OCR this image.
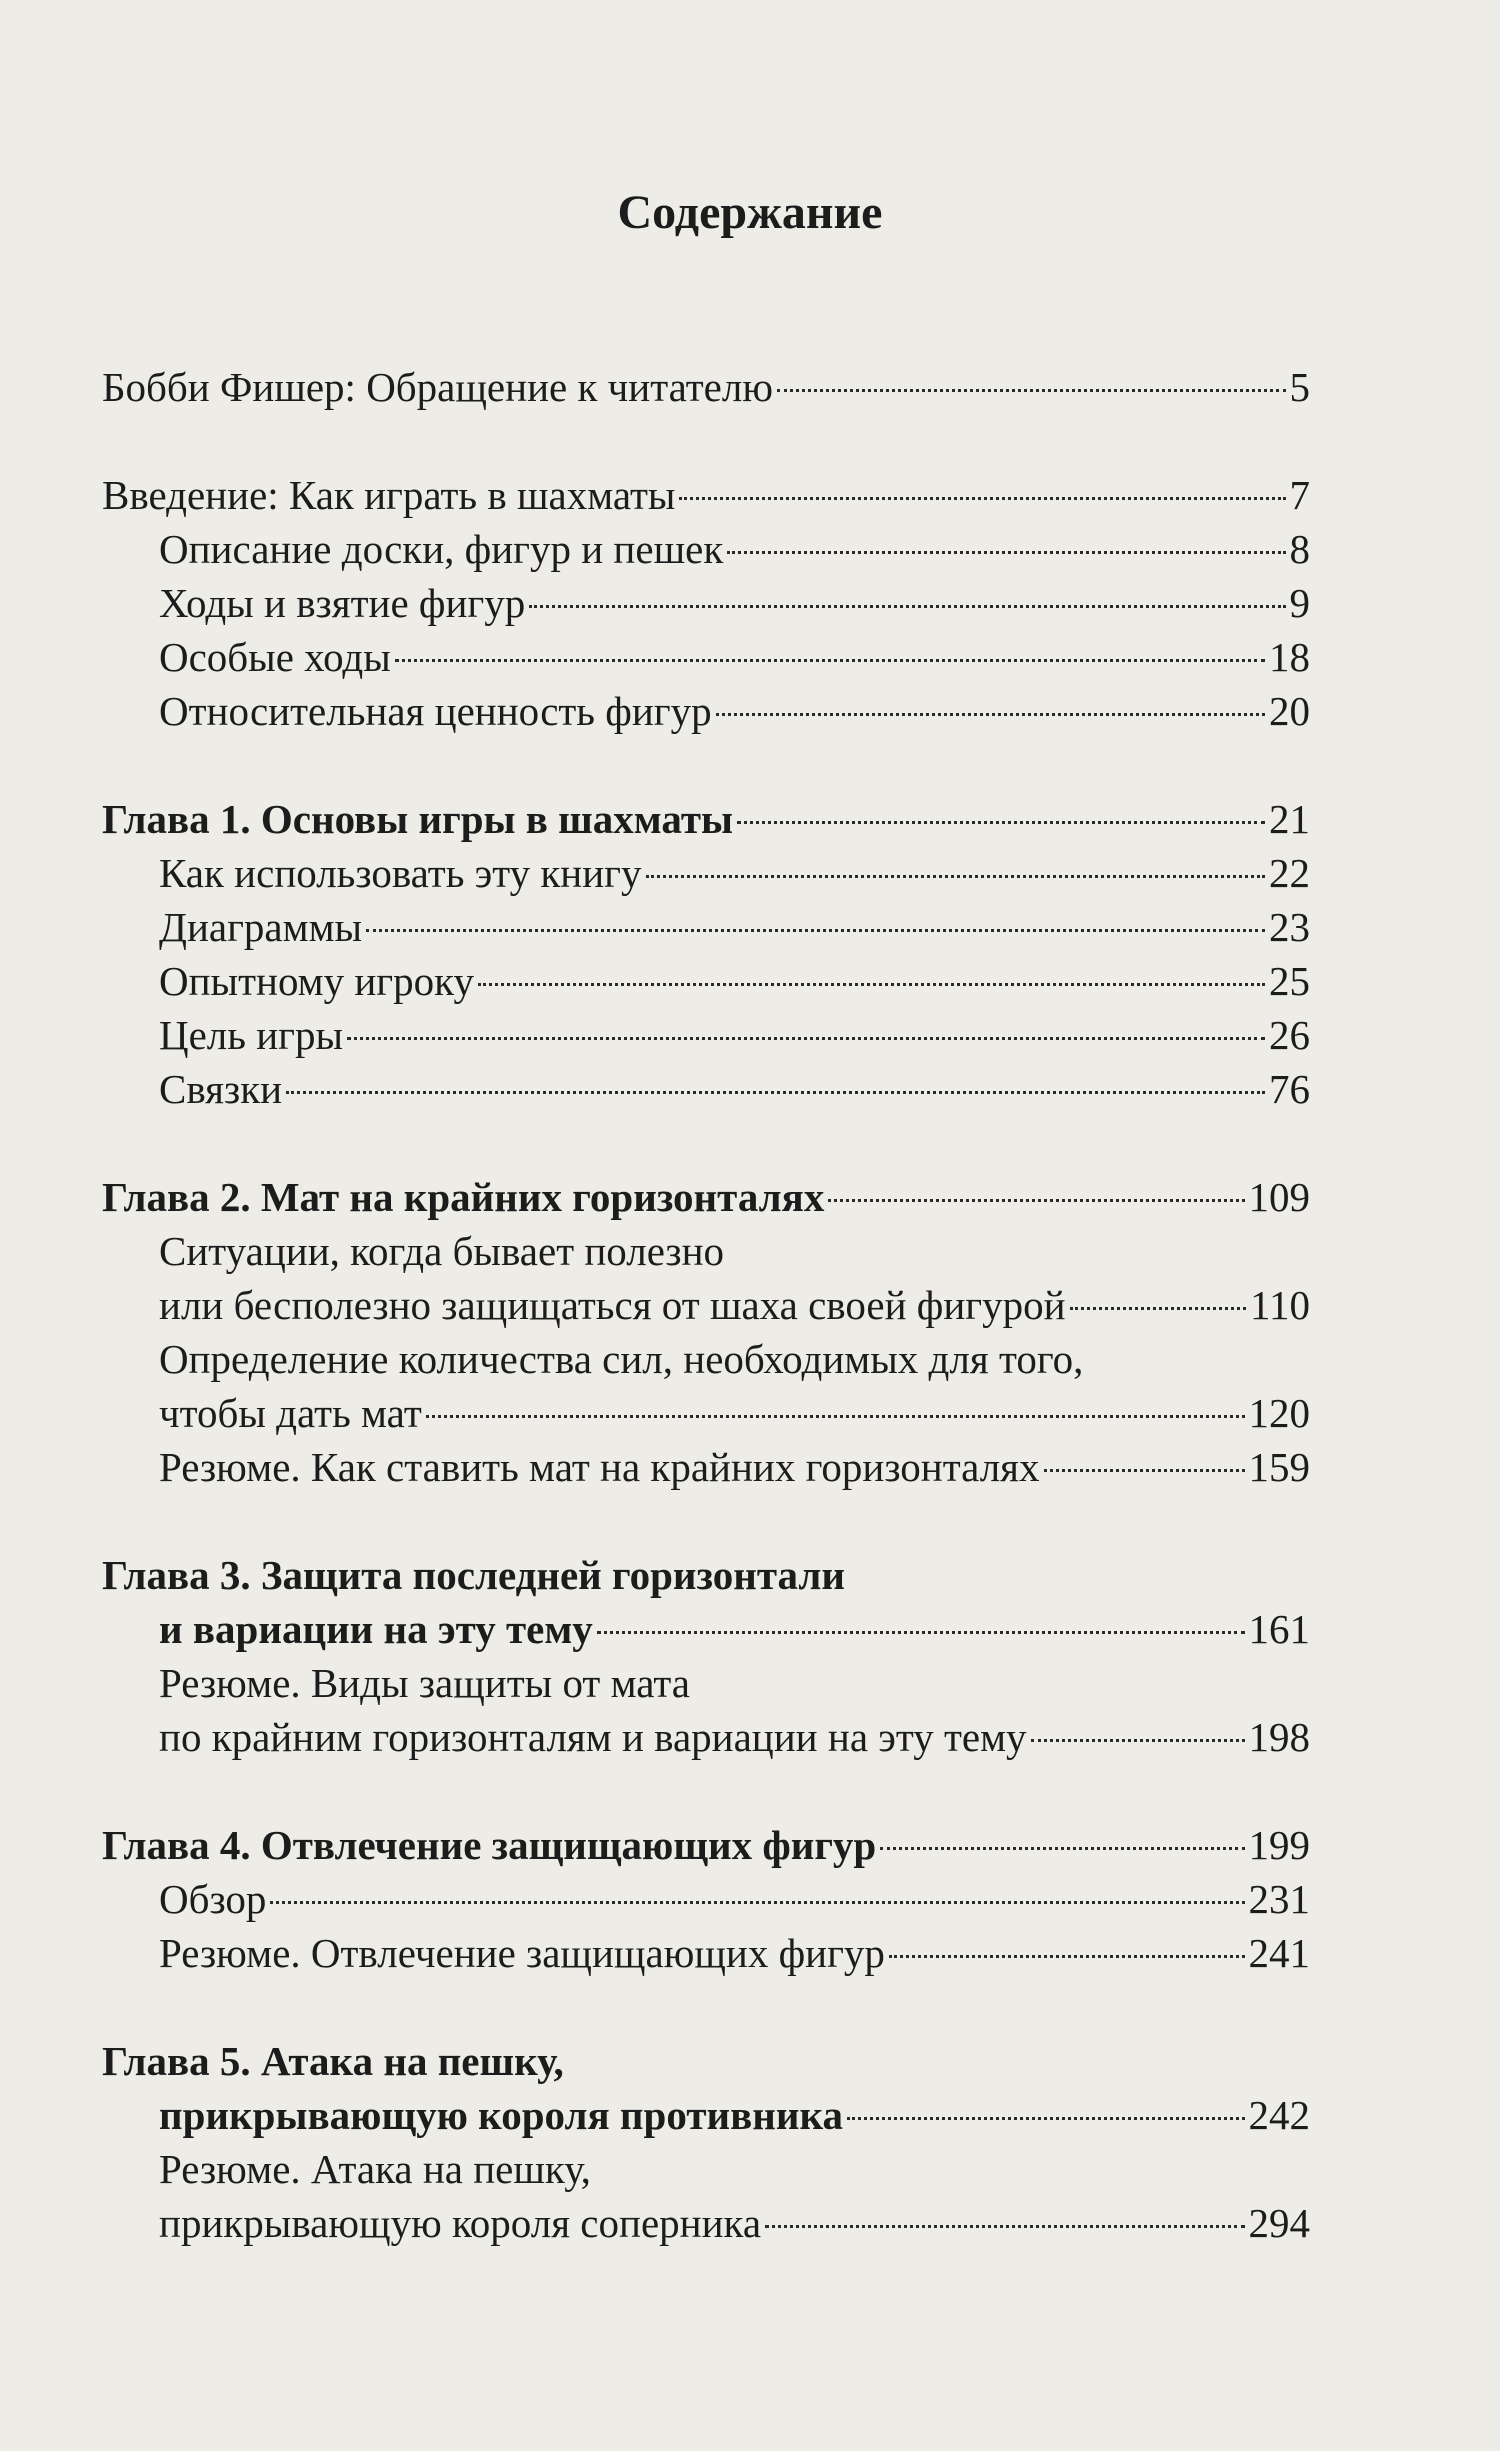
Содержание
Бобби Фишер: Обращение к читателю	5
Введение: Как играть в шахматы	7
Описание доски, фигур и пешек	8
Ходы и взятие фигур	9
Особые ходы	18
Относительная ценность фигур	20
Глава 1. Основы игры в шахматы	21
Как использовать эту книгу	22
Диаграммы	23
Опытному игроку	25
Цель игры	26
Связки	76
Глава 2. Мат на крайних горизонталях	109
Ситуации, когда бывает полезно
или бесполезно защищаться от шаха своей фигурой	110
Определение количества сил, необходимых для того,
чтобы дать мат	120
Резюме. Как ставить мат на крайних горизонталях	159
Глава 3. Защита последней горизонтали
и вариации на эту тему	161
Резюме. Виды защиты от мата
по крайним горизонталям и вариации на эту тему	198
Глава 4. Отвлечение защищающих фигур	199
Обзор	231
Резюме. Отвлечение защищающих фигур	241
Глава 5. Атака на пешку,
прикрывающую короля противника	242
Резюме. Атака на пешку,
прикрывающую короля соперника	294
